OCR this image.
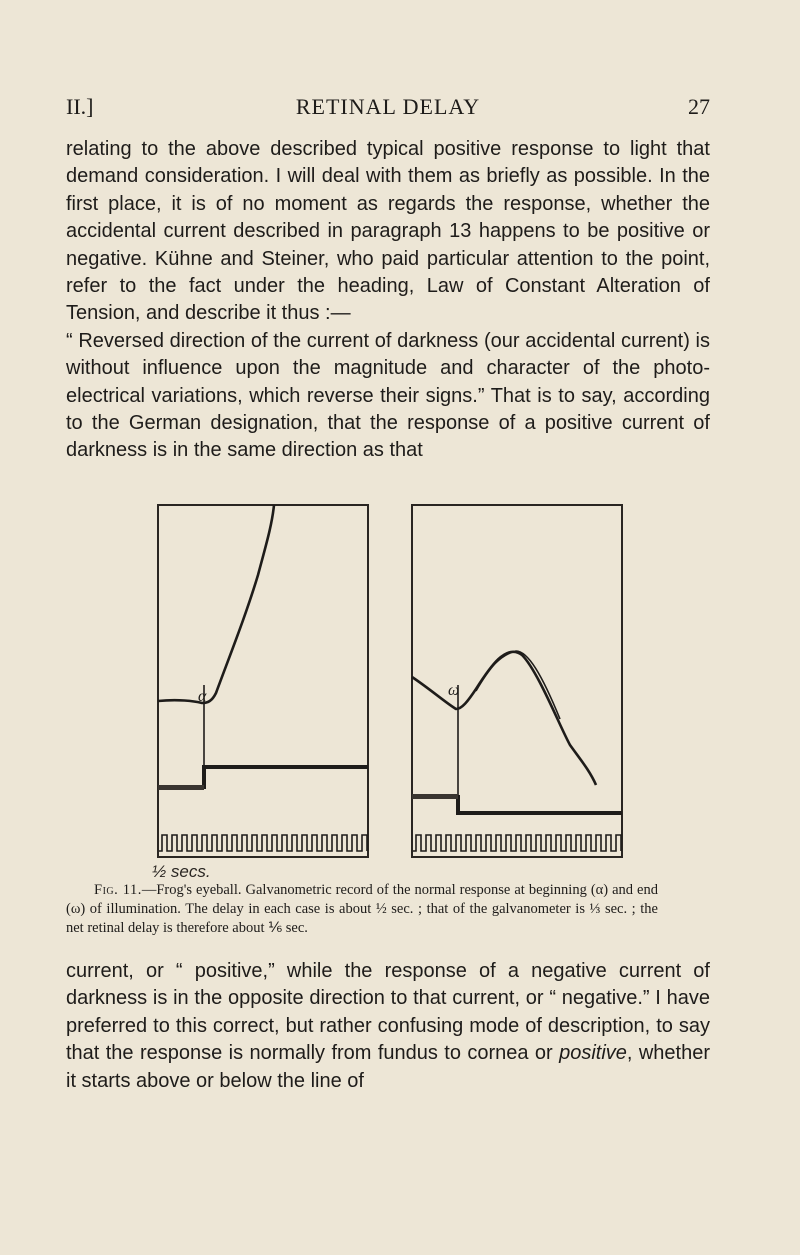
II.]	RETINAL DELAY	27

relating to the above described typical positive response to light that demand consideration. I will deal with them as briefly as possible. In the first place, it is of no moment as regards the response, whether the accidental current described in paragraph 13 happens to be positive or negative. Kühne and Steiner, who paid particular attention to the point, refer to the fact under the heading, Law of Constant Alteration of Tension, and describe it thus :—

“ Reversed direction of the current of darkness (our accidental current) is without influence upon the magnitude and character of the photo-electrical variations, which reverse their signs.” That is to say, according to the German designation, that the response of a positive current of darkness is in the same direction as that

α	ω
½ secs.
Fig. 11.—Frog's eyeball. Galvanometric record of the normal response at beginning (α) and end (ω) of illumination. The delay in each case is about ½ sec. ; that of the galvanometer is ⅓ sec. ; the net retinal delay is therefore about ⅙ sec.

current, or “ positive,” while the response of a negative current of darkness is in the opposite direction to that current, or “ negative.” I have preferred to this correct, but rather confusing mode of description, to say that the response is normally from fundus to cornea or positive, whether it starts above or below the line of
